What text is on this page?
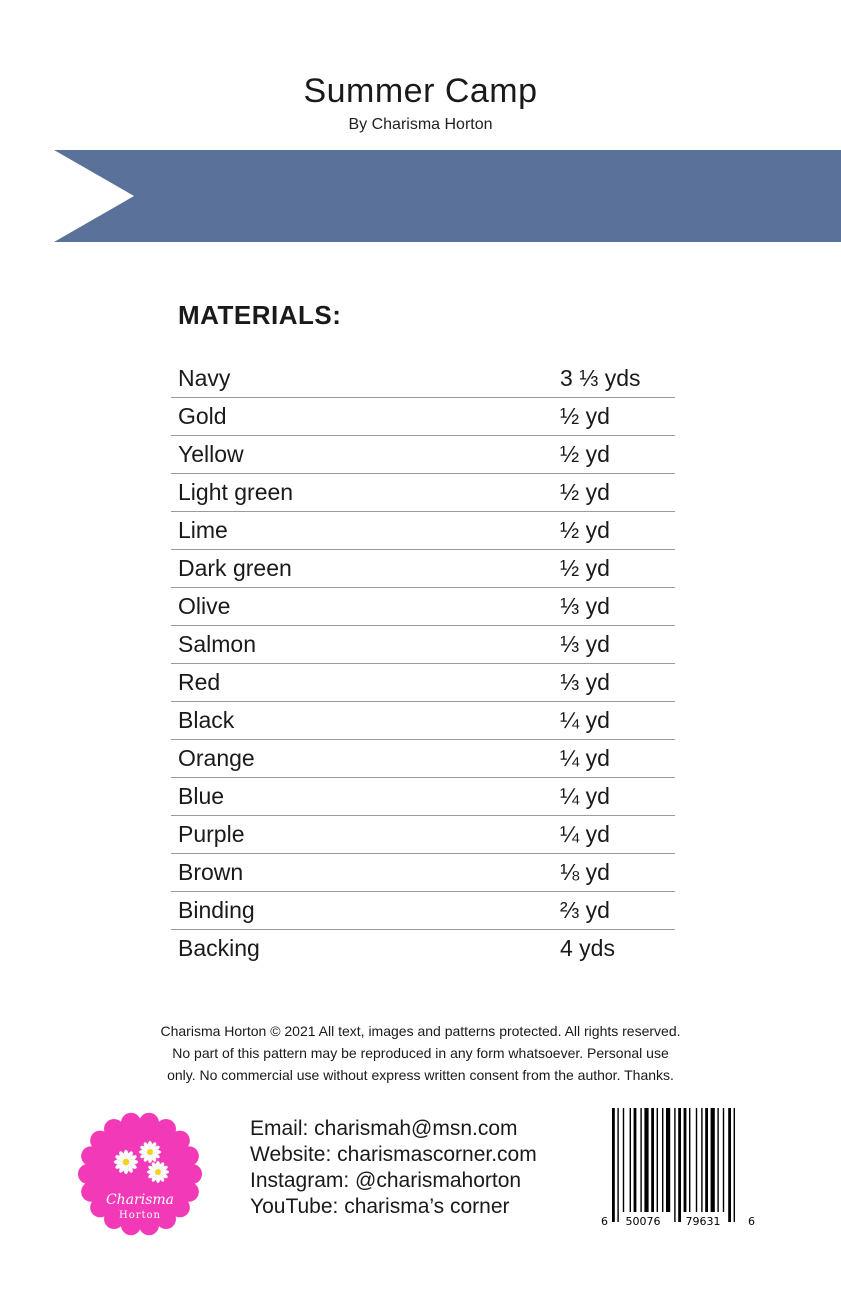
Summer Camp
By Charisma Horton
MATERIALS:
Navy	3 ⅓ yds
Gold	½ yd
Yellow	½ yd
Light green	½ yd
Lime	½ yd
Dark green	½ yd
Olive	⅓ yd
Salmon	⅓ yd
Red	⅓ yd
Black	¼ yd
Orange	¼ yd
Blue	¼ yd
Purple	¼ yd
Brown	⅛ yd
Binding	⅔ yd
Backing	4 yds
Charisma Horton © 2021 All text, images and patterns protected. All rights reserved.
No part of this pattern may be reproduced in any form whatsoever. Personal use
only. No commercial use without express written consent from the author. Thanks.
Charisma
Horton
Email: charismah@msn.com
Website: charismascorner.com
Instagram: @charismahorton
YouTube: charisma’s corner
6 50076 79631	6
